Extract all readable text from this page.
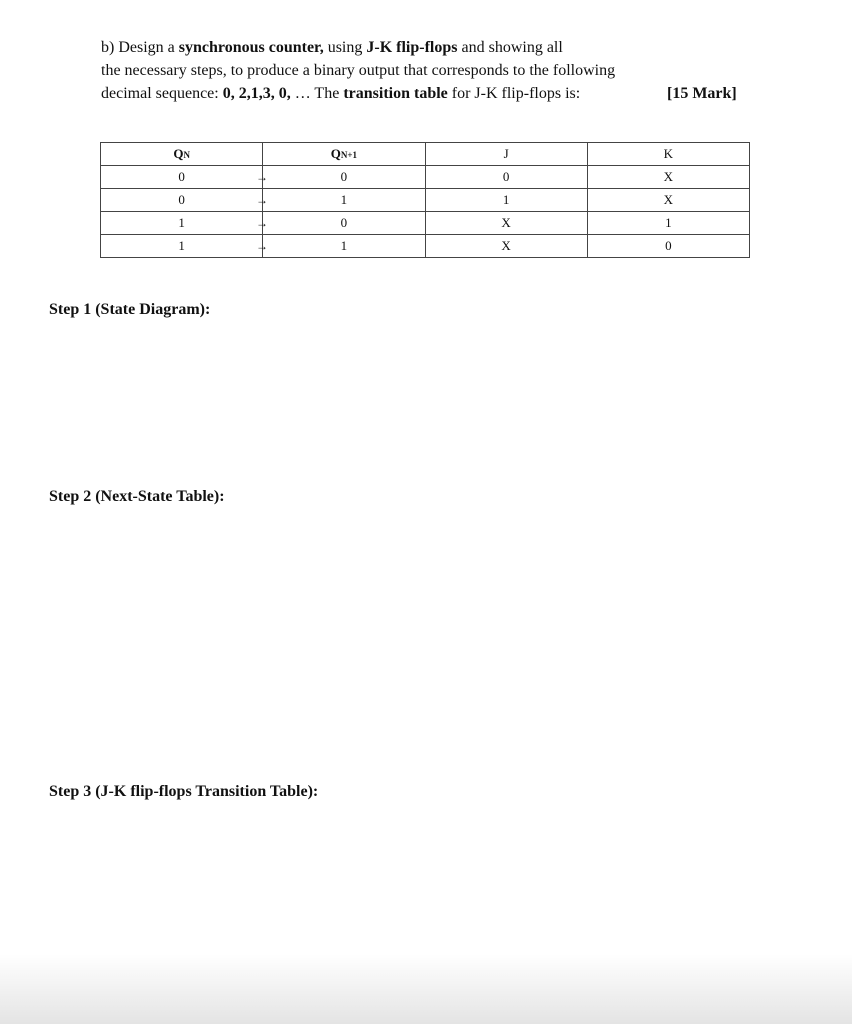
b) Design a synchronous counter, using J-K flip-flops and showing all
the necessary steps, to produce a binary output that corresponds to the following
decimal sequence: 0, 2,1,3, 0, … The transition table for J-K flip-flops is:	[15 Mark]
QN	QN+1	J	K
0 →	0	0	X
0 →	1	1	X
1 →	0	X	1
1 →	1	X	0
Step 1 (State Diagram):
Step 2 (Next-State Table):
Step 3 (J-K flip-flops Transition Table):
